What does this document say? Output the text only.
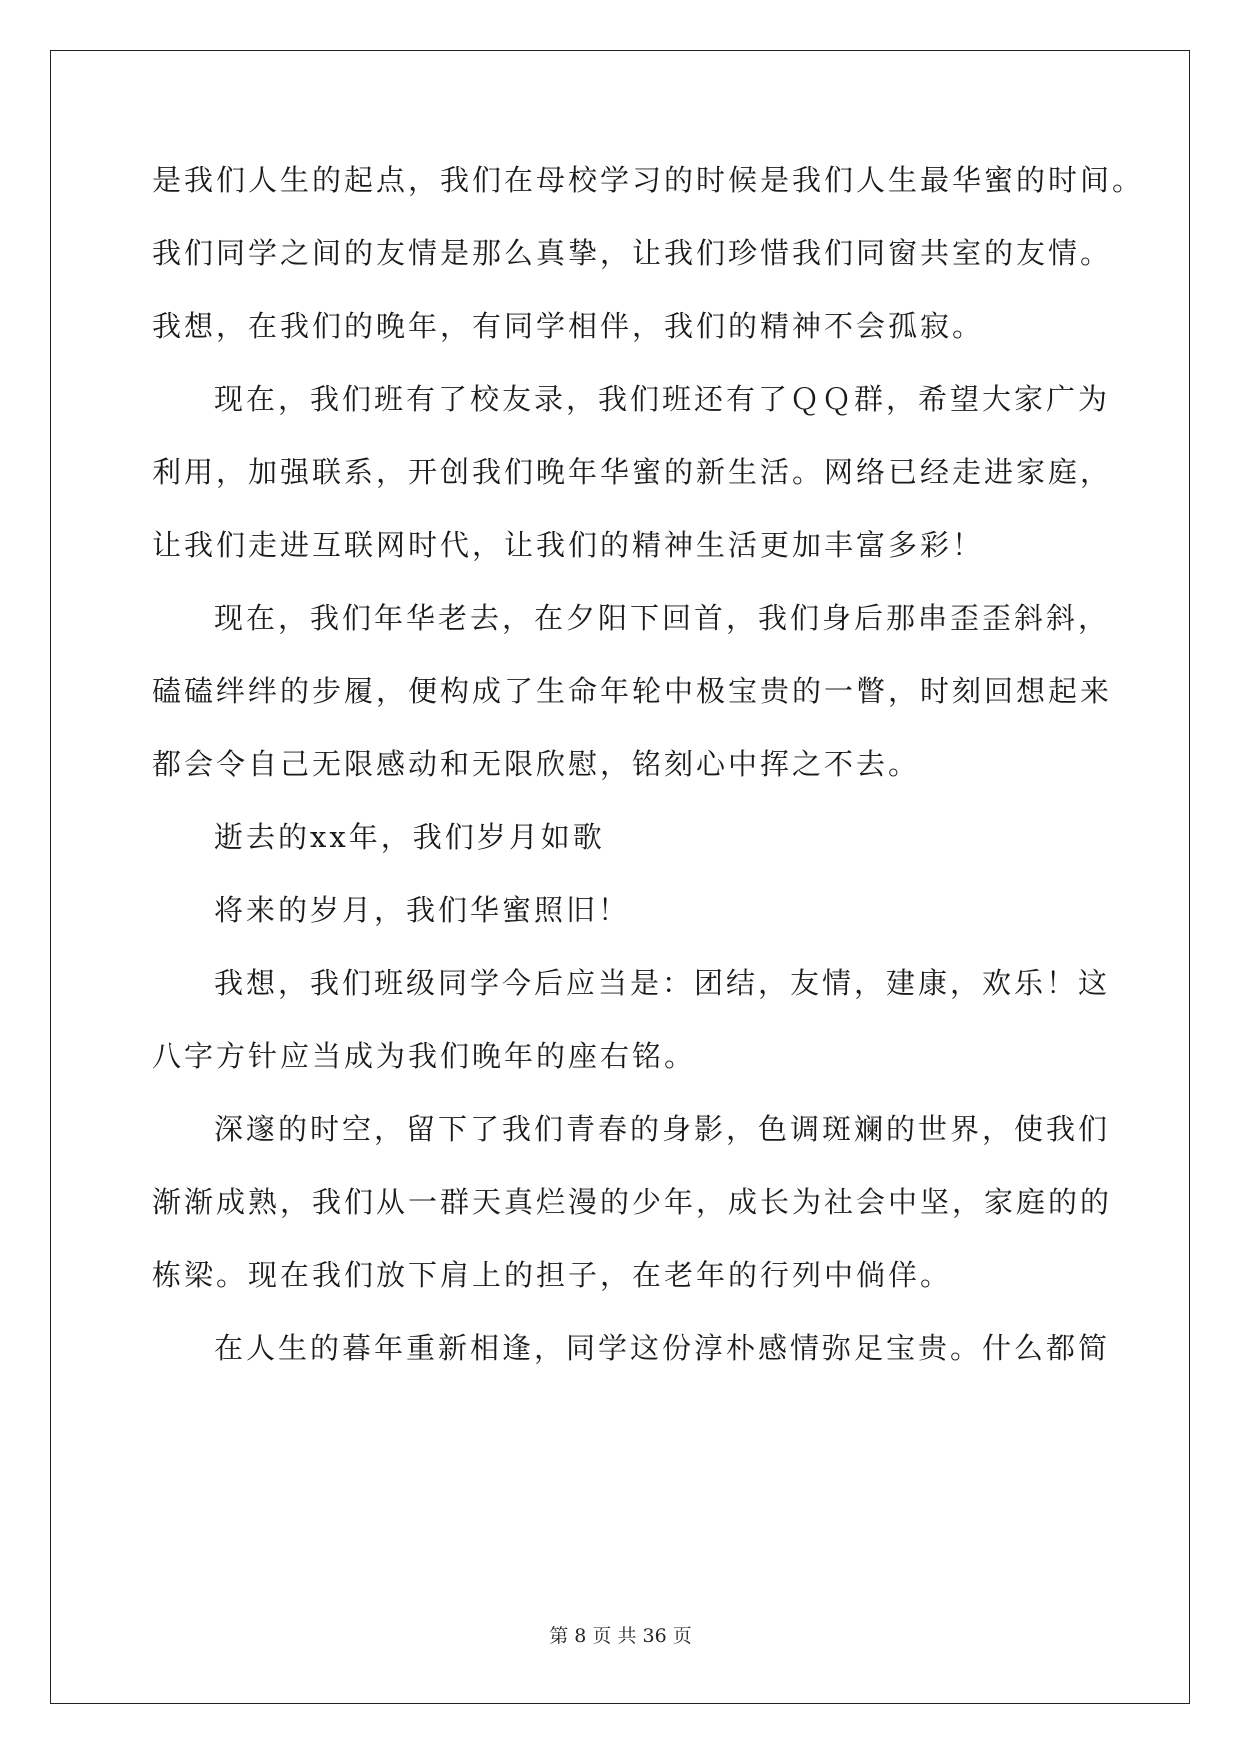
是我们人生的起点，我们在母校学习的时候是我们人生最华蜜的时间。
我们同学之间的友情是那么真挚，让我们珍惜我们同窗共室的友情。
我想，在我们的晚年，有同学相伴，我们的精神不会孤寂。
现在，我们班有了校友录，我们班还有了ＱＱ群，希望大家广为
利用，加强联系，开创我们晚年华蜜的新生活。网络已经走进家庭，
让我们走进互联网时代，让我们的精神生活更加丰富多彩！
现在，我们年华老去，在夕阳下回首，我们身后那串歪歪斜斜，
磕磕绊绊的步履，便构成了生命年轮中极宝贵的一瞥，时刻回想起来
都会令自己无限感动和无限欣慰，铭刻心中挥之不去。
逝去的xx年，我们岁月如歌
将来的岁月，我们华蜜照旧！
我想，我们班级同学今后应当是：团结，友情，建康，欢乐！这
八字方针应当成为我们晚年的座右铭。
深邃的时空，留下了我们青春的身影，色调斑斓的世界，使我们
渐渐成熟，我们从一群天真烂漫的少年，成长为社会中坚，家庭的的
栋梁。现在我们放下肩上的担子，在老年的行列中倘佯。
在人生的暮年重新相逢，同学这份淳朴感情弥足宝贵。什么都简
第 8 页 共 36 页
